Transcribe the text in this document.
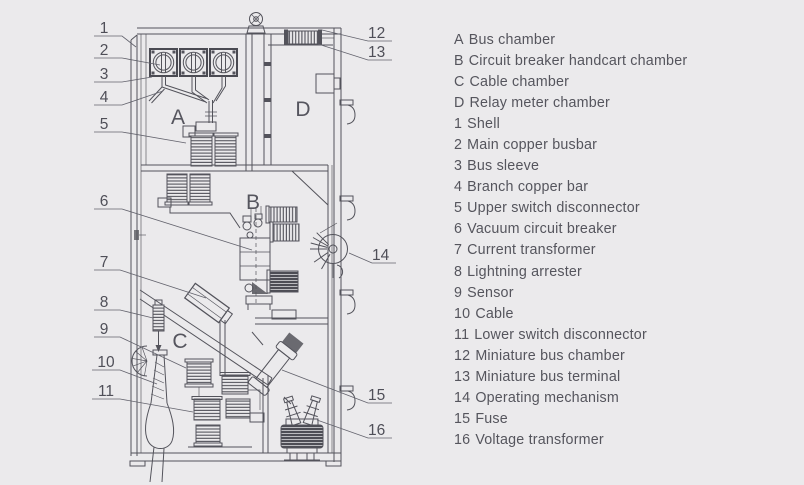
A
B
C
D
1
2
3
4
5
6
7
8
9
10
11
12
13
14
15
16
A Bus chamber
B Circuit breaker handcart chamber
C Cable chamber
D Relay meter chamber
1 Shell
2 Main copper busbar
3 Bus sleeve
4 Branch copper bar
5 Upper switch disconnector
6 Vacuum circuit breaker
7 Current transformer
8 Lightning arrester
9 Sensor
10 Cable
11 Lower switch disconnector
12 Miniature bus chamber
13 Miniature bus terminal
14 Operating mechanism
15 Fuse
16 Voltage transformer
